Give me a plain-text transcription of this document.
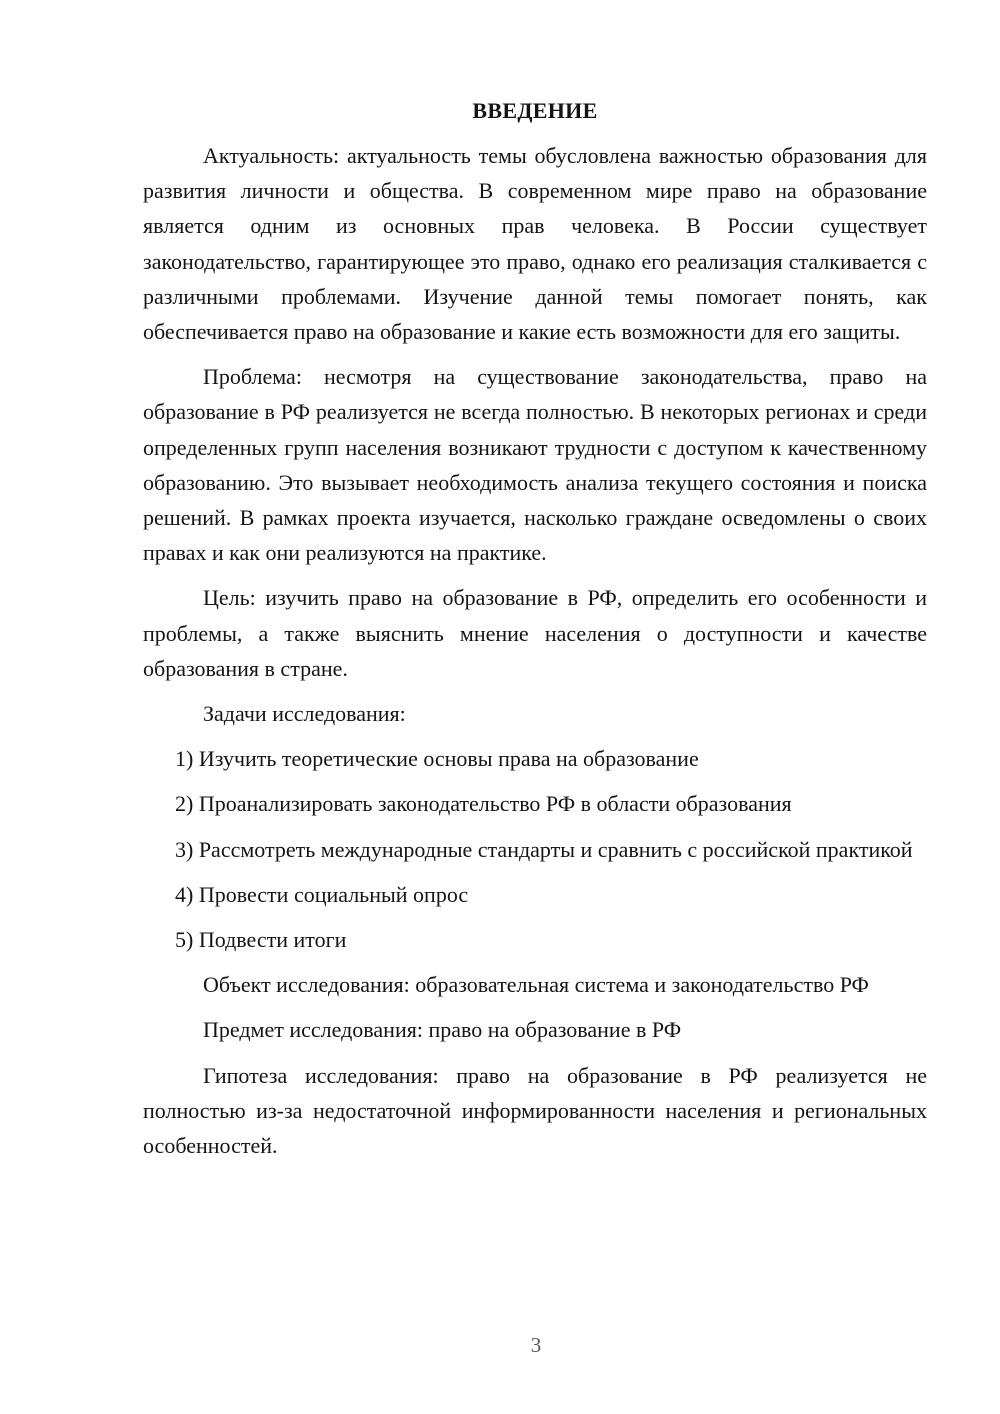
ВВЕДЕНИЕ

Актуальность: актуальность темы обусловлена важностью образования для развития личности и общества. В современном мире право на образование является одним из основных прав человека. В России существует законодательство, гарантирующее это право, однако его реализация сталкивается с различными проблемами. Изучение данной темы помогает понять, как обеспечивается право на образование и какие есть возможности для его защиты.

Проблема: несмотря на существование законодательства, право на образование в РФ реализуется не всегда полностью. В некоторых регионах и среди определенных групп населения возникают трудности с доступом к качественному образованию. Это вызывает необходимость анализа текущего состояния и поиска решений. В рамках проекта изучается, насколько граждане осведомлены о своих правах и как они реализуются на практике.

Цель: изучить право на образование в РФ, определить его особенности и проблемы, а также выяснить мнение населения о доступности и качестве образования в стране.

Задачи исследования:

1) Изучить теоретические основы права на образование

2) Проанализировать законодательство РФ в области образования

3) Рассмотреть международные стандарты и сравнить с российской практикой

4) Провести социальный опрос

5) Подвести итоги

Объект исследования: образовательная система и законодательство РФ

Предмет исследования: право на образование в РФ

Гипотеза исследования: право на образование в РФ реализуется не полностью из-за недостаточной информированности населения и региональных особенностей.

3
